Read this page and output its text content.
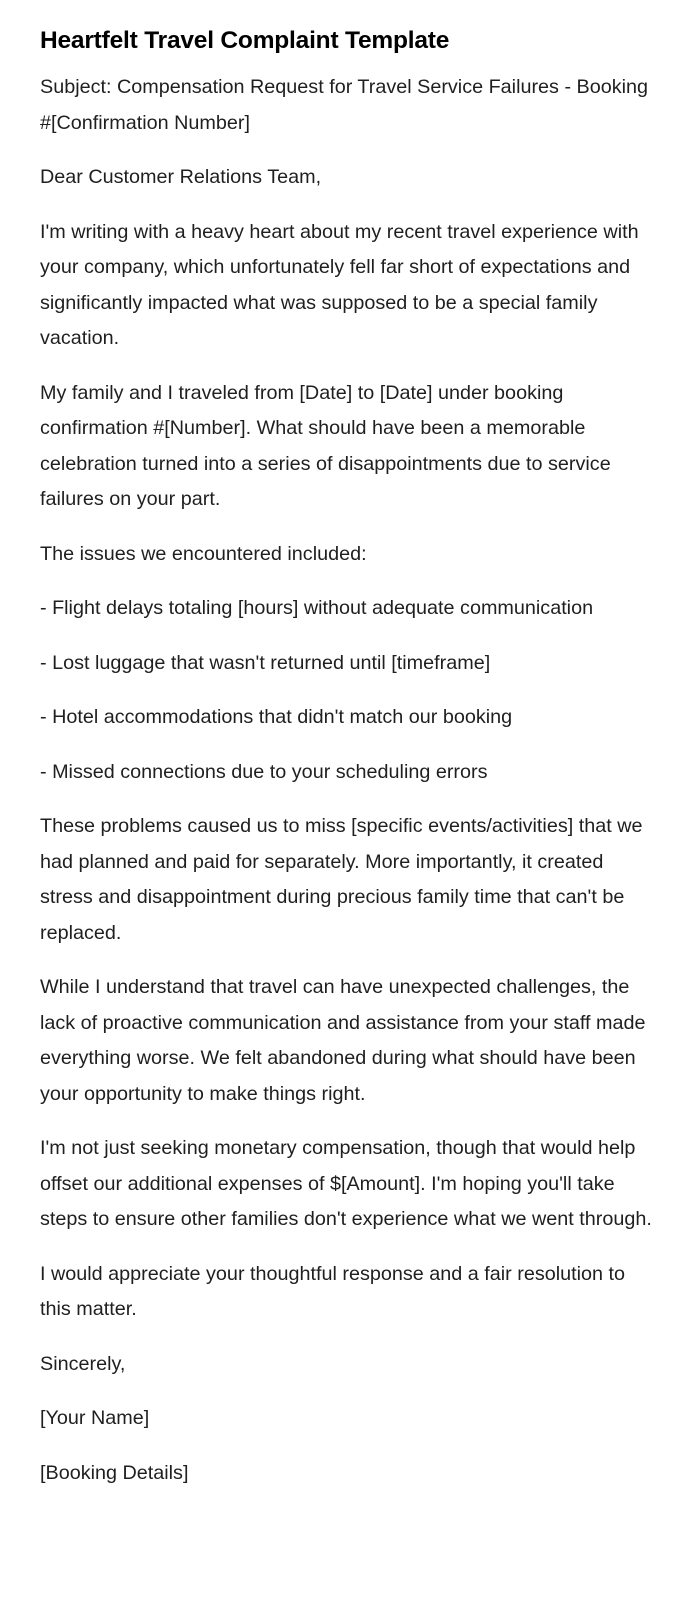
Heartfelt Travel Complaint Template

Subject: Compensation Request for Travel Service Failures - Booking #[Confirmation Number]

Dear Customer Relations Team,

I'm writing with a heavy heart about my recent travel experience with your company, which unfortunately fell far short of expectations and significantly impacted what was supposed to be a special family vacation.

My family and I traveled from [Date] to [Date] under booking confirmation #[Number]. What should have been a memorable celebration turned into a series of disappointments due to service failures on your part.

The issues we encountered included:

- Flight delays totaling [hours] without adequate communication

- Lost luggage that wasn't returned until [timeframe]

- Hotel accommodations that didn't match our booking

- Missed connections due to your scheduling errors

These problems caused us to miss [specific events/activities] that we had planned and paid for separately. More importantly, it created stress and disappointment during precious family time that can't be replaced.

While I understand that travel can have unexpected challenges, the lack of proactive communication and assistance from your staff made everything worse. We felt abandoned during what should have been your opportunity to make things right.

I'm not just seeking monetary compensation, though that would help offset our additional expenses of $[Amount]. I'm hoping you'll take steps to ensure other families don't experience what we went through.

I would appreciate your thoughtful response and a fair resolution to this matter.

Sincerely,

[Your Name]

[Booking Details]
